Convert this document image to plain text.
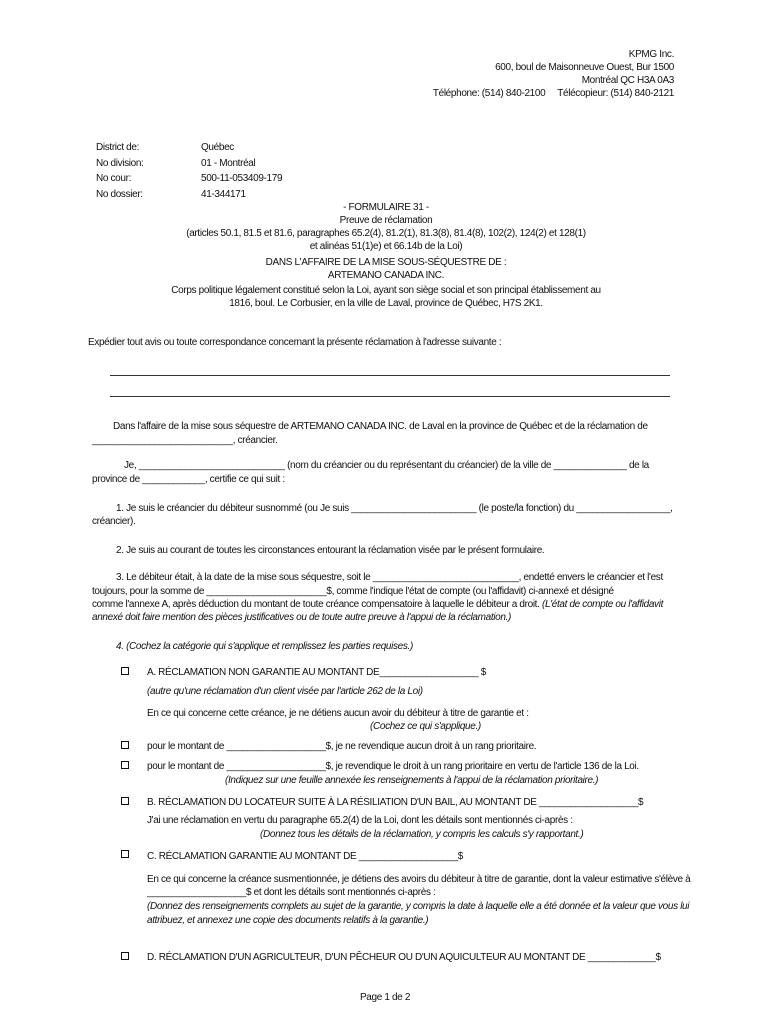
KPMG Inc.
600, boul de Maisonneuve Ouest, Bur 1500
Montréal QC H3A 0A3
Téléphone: (514) 840-2100     Télécopieur: (514) 840-2121
District de:	Québec
No division:	01 - Montréal
No cour:	500-11-053409-179
No dossier:	41-344171
- FORMULAIRE 31 -
Preuve de réclamation
(articles 50.1, 81.5 et 81.6, paragraphes 65.2(4), 81.2(1), 81.3(8), 81.4(8), 102(2), 124(2) et 128(1)
et alinéas 51(1)e) et 66.14b de la Loi)
DANS L'AFFAIRE DE LA MISE SOUS-SÉQUESTRE DE :
ARTEMANO CANADA INC.
Corps politique légalement constitué selon la Loi, ayant son siège social et son principal établissement au
1816, boul. Le Corbusier, en la ville de Laval, province de Québec, H7S 2K1.
Expédier tout avis ou toute correspondance concernant la présente réclamation à l'adresse suivante :
Dans l'affaire de la mise sous séquestre de ARTEMANO CANADA INC. de Laval en la province de Québec et de la réclamation de
___________________________, créancier.
Je, ____________________________ (nom du créancier ou du représentant du créancier) de la ville de ______________ de la
province de ____________, certifie ce qui suit :
1. Je suis le créancier du débiteur susnommé (ou Je suis ________________________ (le poste/la fonction) du __________________,
créancier).
2. Je suis au courant de toutes les circonstances entourant la réclamation visée par le présent formulaire.
3. Le débiteur était, à la date de la mise sous séquestre, soit le ____________________________, endetté envers le créancier et l'est
toujours, pour la somme de _______________________$, comme l'indique l'état de compte (ou l'affidavit) ci-annexé et désigné
comme l'annexe A, après déduction du montant de toute créance compensatoire à laquelle le débiteur a droit. (L'état de compte ou l'affidavit
annexé doit faire mention des pièces justificatives ou de toute autre preuve à l'appui de la réclamation.)
4. (Cochez la catégorie qui s'applique et remplissez les parties requises.)
A. RÉCLAMATION NON GARANTIE AU MONTANT DE___________________ $
(autre qu'une réclamation d'un client visée par l'article 262 de la Loi)
En ce qui concerne cette créance, je ne détiens aucun avoir du débiteur à titre de garantie et :
(Cochez ce qui s'applique.)
pour le montant de ___________________$, je ne revendique aucun droit à un rang prioritaire.
pour le montant de ___________________$, je revendique le droit à un rang prioritaire en vertu de l'article 136 de la Loi.
(Indiquez sur une feuille annexée les renseignements à l'appui de la réclamation prioritaire.)
B. RÉCLAMATION DU LOCATEUR SUITE À LA RÉSILIATION D'UN BAIL, AU MONTANT DE ___________________$
J'ai une réclamation en vertu du paragraphe 65.2(4) de la Loi, dont les détails sont mentionnés ci-après :
(Donnez tous les détails de la réclamation, y compris les calculs s'y rapportant.)
C. RÉCLAMATION GARANTIE AU MONTANT DE ___________________$
En ce qui concerne la créance susmentionnée, je détiens des avoirs du débiteur à titre de garantie, dont la valeur estimative s'élève à
___________________$ et dont les détails sont mentionnés ci-après :
(Donnez des renseignements complets au sujet de la garantie, y compris la date à laquelle elle a été donnée et la valeur que vous lui
attribuez, et annexez une copie des documents relatifs à la garantie.)
D. RÉCLAMATION D'UN AGRICULTEUR, D'UN PÊCHEUR OU D'UN AQUICULTEUR AU MONTANT DE _____________$
Page 1 de 2
